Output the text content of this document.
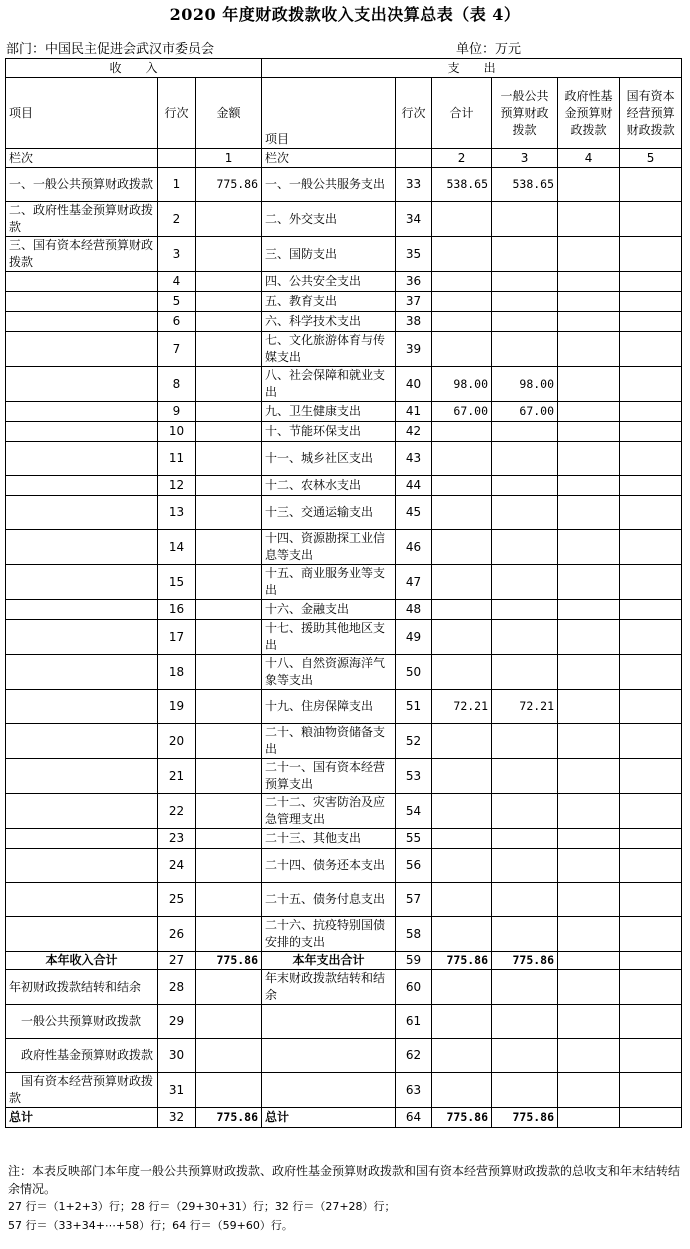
2020 年度财政拨款收入支出决算总表（表 4）
部门：中国民主促进会武汉市委员会	单位：万元
收　　入			支　　出					
项目	行次	金额	项目	行次	合计	一般公共预算财政拨款	政府性基金预算财政拨款	国有资本经营预算财政拨款
栏次		1	栏次		2	3	4	5
一、一般公共预算财政拨款	1	775.86	一、一般公共服务支出	33	538.65	538.65		
二、政府性基金预算财政拨款	2		二、外交支出	34				
三、国有资本经营预算财政拨款	3		三、国防支出	35				
	4		四、公共安全支出	36				
	5		五、教育支出	37				
	6		六、科学技术支出	38				
	7		七、文化旅游体育与传媒支出	39				
	8		八、社会保障和就业支出	40	98.00	98.00		
	9		九、卫生健康支出	41	67.00	67.00		
	10		十、节能环保支出	42				
	11		十一、城乡社区支出	43				
	12		十二、农林水支出	44				
	13		十三、交通运输支出	45				
	14		十四、资源勘探工业信息等支出	46				
	15		十五、商业服务业等支出	47				
	16		十六、金融支出	48				
	17		十七、援助其他地区支出	49				
	18		十八、自然资源海洋气象等支出	50				
	19		十九、住房保障支出	51	72.21	72.21		
	20		二十、粮油物资储备支出	52				
	21		二十一、国有资本经营预算支出	53				
	22		二十二、灾害防治及应急管理支出	54				
	23		二十三、其他支出	55				
	24		二十四、债务还本支出	56				
	25		二十五、债务付息支出	57				
	26		二十六、抗疫特别国债安排的支出	58				
本年收入合计	27	775.86	本年支出合计	59	775.86	775.86		
年初财政拨款结转和结余	28		年末财政拨款结转和结余	60				
一般公共预算财政拨款	29			61				
政府性基金预算财政拨款	30			62				
国有资本经营预算财政拨款	31			63				
总计	32	775.86	总计	64	775.86	775.86		
注：本表反映部门本年度一般公共预算财政拨款、政府性基金预算财政拨款和国有资本经营预算财政拨款的总收支和年末结转结余情况。
27 行＝（1+2+3）行；28 行＝（29+30+31）行；32 行＝（27+28）行；
57 行＝（33+34+⋯+58）行；64 行＝（59+60）行。
